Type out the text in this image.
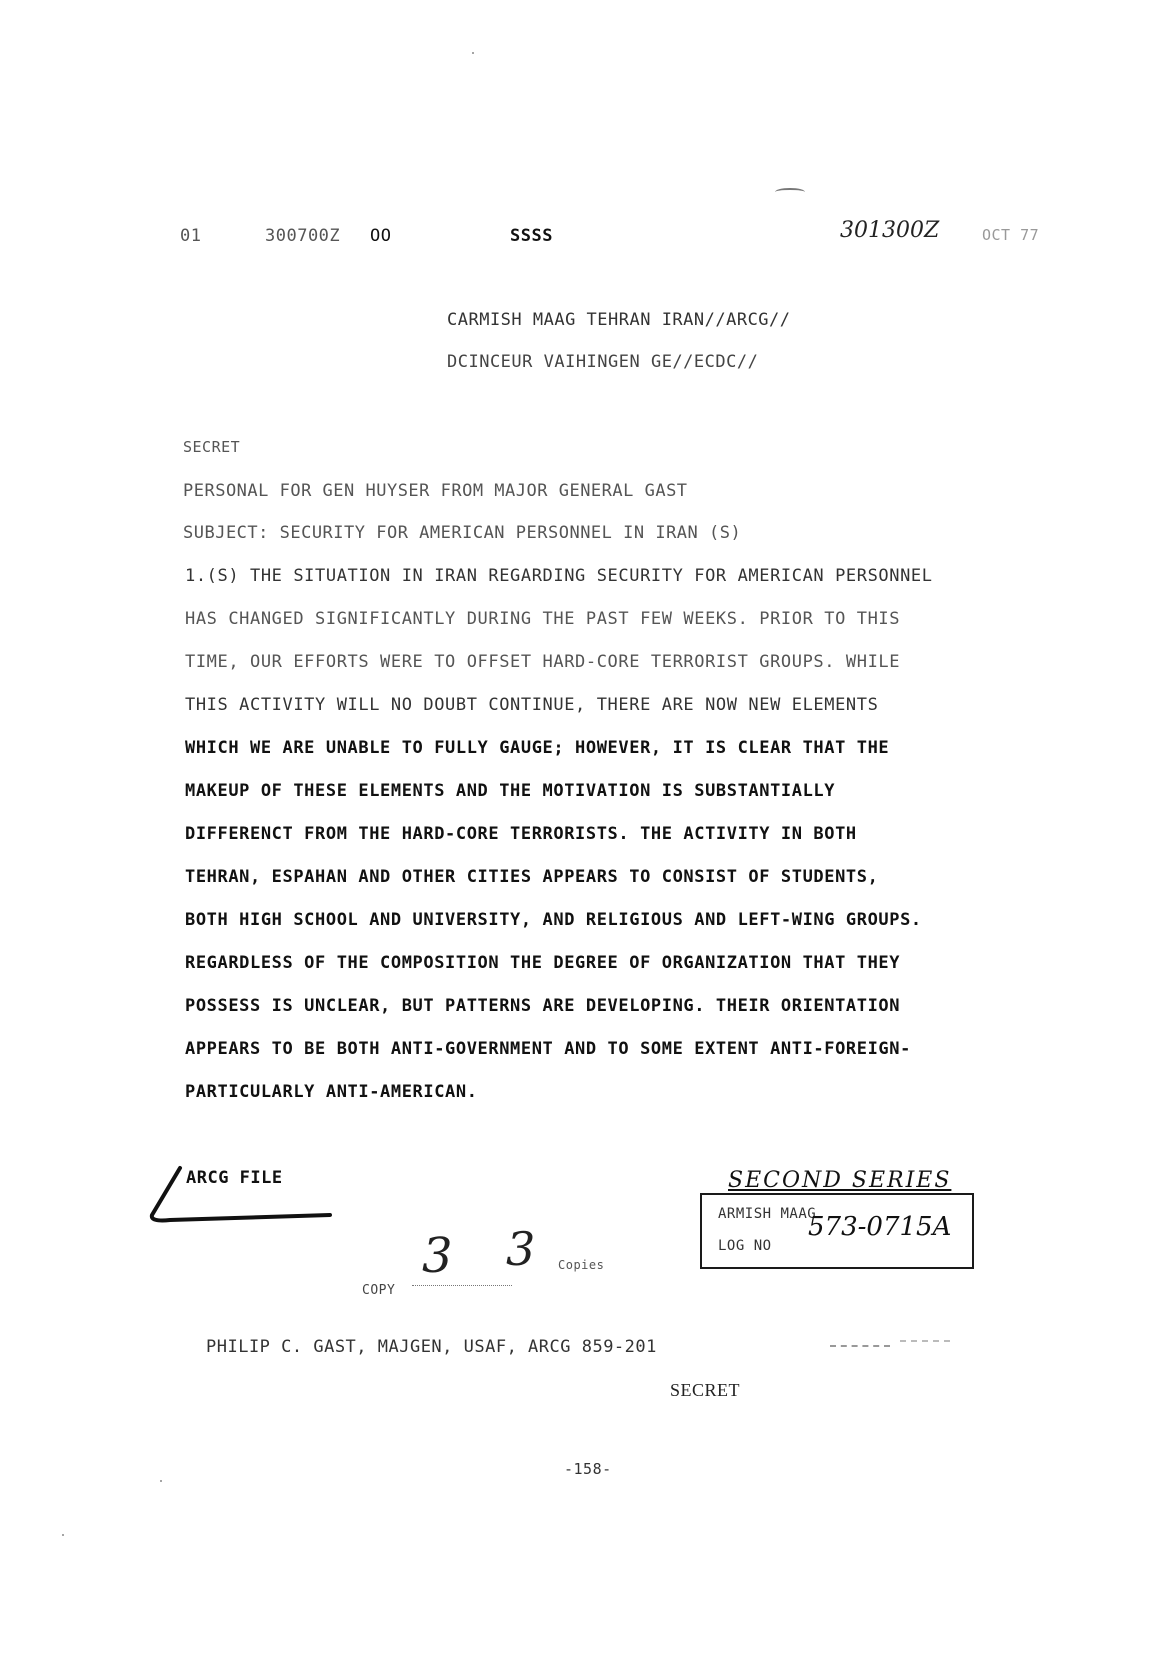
01	300700Z OO	SSSS	301300Z	OCT 77
CARMISH MAAG TEHRAN IRAN//ARCG//
DCINCEUR VAIHINGEN GE//ECDC//
SECRET
PERSONAL FOR GEN HUYSER FROM MAJOR GENERAL GAST
SUBJECT: SECURITY FOR AMERICAN PERSONNEL IN IRAN (S)
1.(S) THE SITUATION IN IRAN REGARDING SECURITY FOR AMERICAN PERSONNEL
HAS CHANGED SIGNIFICANTLY DURING THE PAST FEW WEEKS. PRIOR TO THIS
TIME, OUR EFFORTS WERE TO OFFSET HARD-CORE TERRORIST GROUPS. WHILE
THIS ACTIVITY WILL NO DOUBT CONTINUE, THERE ARE NOW NEW ELEMENTS
WHICH WE ARE UNABLE TO FULLY GAUGE; HOWEVER, IT IS CLEAR THAT THE
MAKEUP OF THESE ELEMENTS AND THE MOTIVATION IS SUBSTANTIALLY
DIFFERENCT FROM THE HARD-CORE TERRORISTS. THE ACTIVITY IN BOTH
TEHRAN, ESPAHAN AND OTHER CITIES APPEARS TO CONSIST OF STUDENTS,
BOTH HIGH SCHOOL AND UNIVERSITY, AND RELIGIOUS AND LEFT-WING GROUPS.
REGARDLESS OF THE COMPOSITION THE DEGREE OF ORGANIZATION THAT THEY
POSSESS IS UNCLEAR, BUT PATTERNS ARE DEVELOPING. THEIR ORIENTATION
APPEARS TO BE BOTH ANTI-GOVERNMENT AND TO SOME EXTENT ANTI-FOREIGN-
PARTICULARLY ANTI-AMERICAN.
ARCG FILE
COPY
3 3 Copies
SECOND SERIES
ARMISH MAAG
LOG NO
573-0715A
PHILIP C. GAST, MAJGEN, USAF, ARCG 859-201
SECRET
-158-
